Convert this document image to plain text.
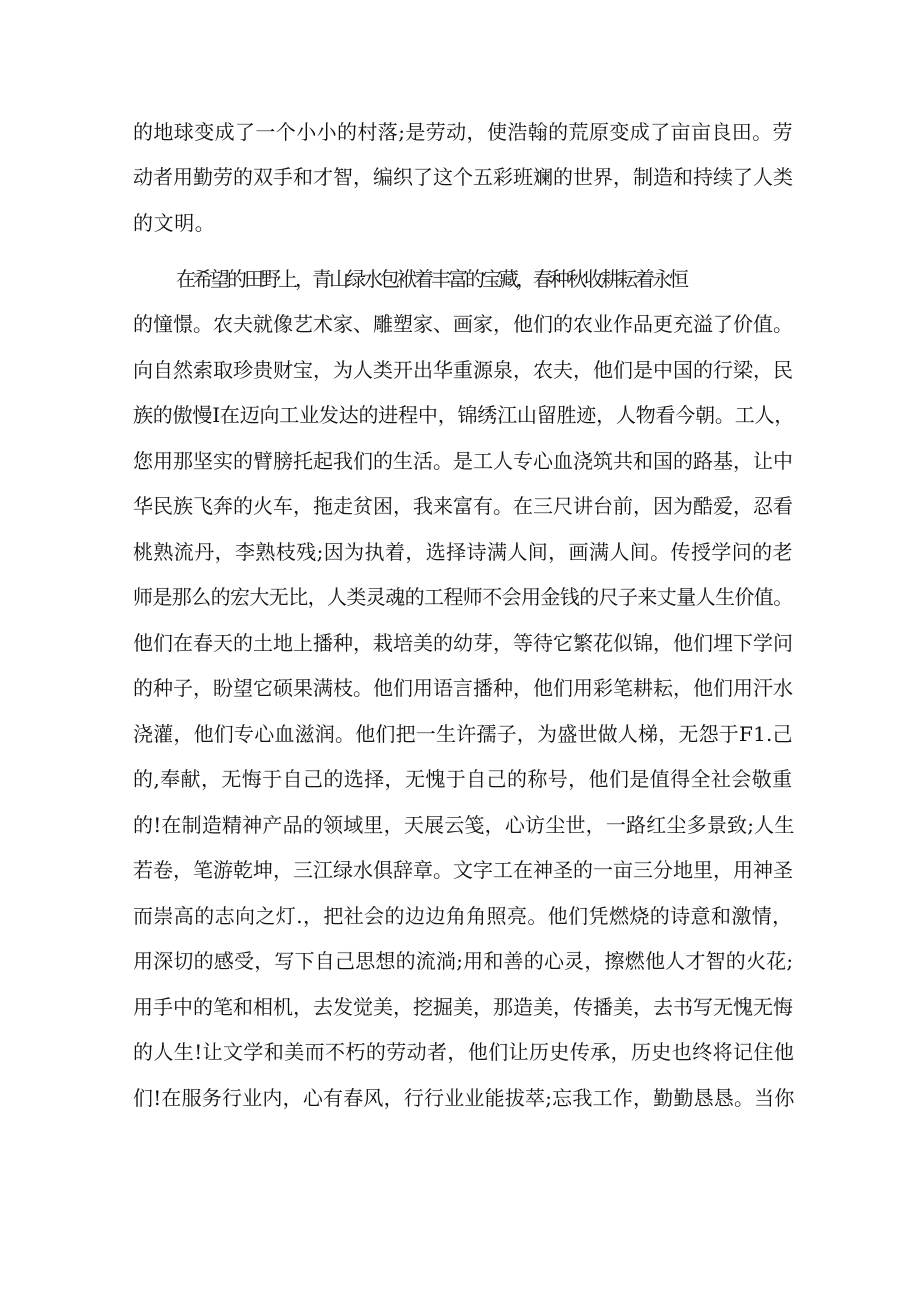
的地球变成了一个小小的村落;是劳动，使浩翰的荒原变成了亩亩良田。劳

动者用勤劳的双手和才智，编织了这个五彩班斓的世界，制造和持续了人类

的文明。

在希望的田野上，青山绿水包袱着丰富的宝藏，春种秋收耕耘着永恒

的憧憬。农夫就像艺术家、雕塑家、画家，他们的农业作品更充溢了价值。

向自然索取珍贵财宝，为人类开出华重源泉，农夫，他们是中国的行梁，民

族的傲慢I在迈向工业发达的进程中，锦绣江山留胜迹，人物看今朝。工人，

您用那坚实的臂膀托起我们的生活。是工人专心血浇筑共和国的路基，让中

华民族飞奔的火车，拖走贫困，我来富有。在三尺讲台前，因为酷爱，忍看

桃熟流丹，李熟枝残;因为执着，选择诗满人间，画满人间。传授学问的老

师是那么的宏大无比，人类灵魂的工程师不会用金钱的尺子来丈量人生价值。

他们在春天的土地上播种，栽培美的幼芽，等待它繁花似锦，他们埋下学问

的种子，盼望它硕果满枝。他们用语言播种，他们用彩笔耕耘，他们用汗水

浇灌，他们专心血滋润。他们把一生许孺子，为盛世做人梯，无怨于F1.己

的,奉献，无悔于自己的选择，无愧于自己的称号，他们是值得全社会敬重

的!在制造精神产品的领域里，天展云笺，心访尘世，一路红尘多景致;人生

若卷，笔游乾坤，三江绿水俱辞章。文字工在神圣的一亩三分地里，用神圣

而崇高的志向之灯.，把社会的边边角角照亮。他们凭燃烧的诗意和激情，

用深切的感受，写下自己思想的流淌;用和善的心灵，擦燃他人才智的火花;

用手中的笔和相机，去发觉美，挖掘美，那造美，传播美，去书写无愧无悔

的人生!让文学和美而不朽的劳动者，他们让历史传承，历史也终将记住他

们!在服务行业内，心有春风，行行业业能拔萃;忘我工作，勤勤恳恳。当你
